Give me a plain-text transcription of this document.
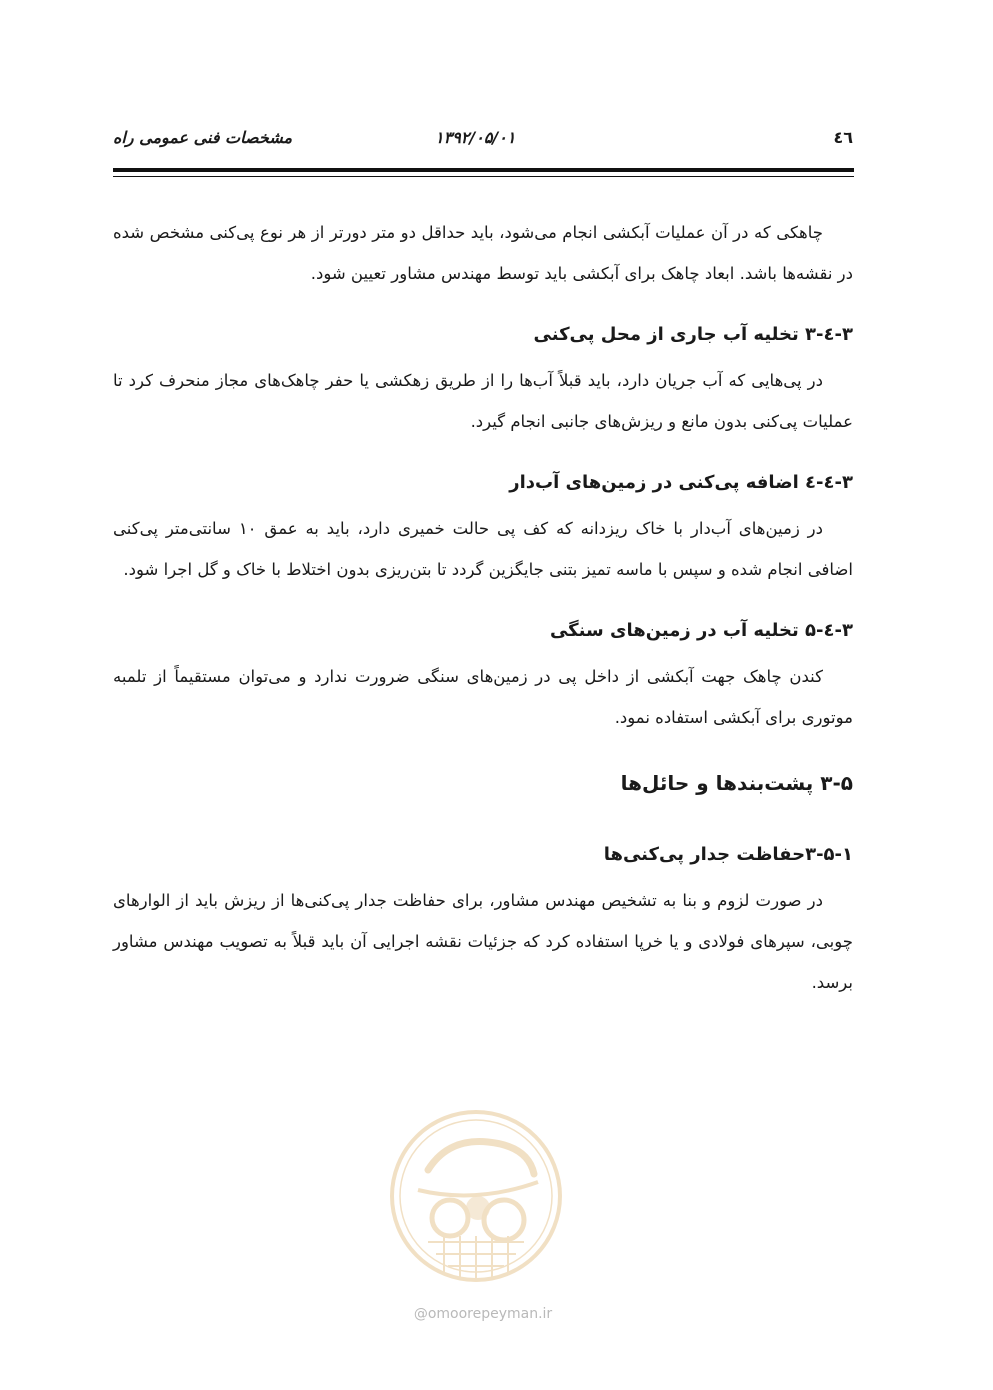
مشخصات فنی عمومی راه	۱۳۹۲/۰۵/۰۱	٤٦

چاهکی که در آن عملیات آبکشی انجام می‌شود، باید حداقل دو متر دورتر از هر نوع پی‌کنی مشخص شده در نقشه‌ها باشد. ابعاد چاهک برای آبکشی باید توسط مهندس مشاور تعیین شود.

۳-٤-۳ تخلیه آب جاری از محل پی‌کنی

در پی‌هایی که آب جریان دارد، باید قبلاً آب‌ها را از طریق زهکشی یا حفر چاهک‌های مجاز منحرف کرد تا عملیات پی‌کنی بدون مانع و ریزش‌های جانبی انجام گیرد.

۳-٤-٤ اضافه پی‌کنی در زمین‌های آب‌دار

در زمین‌های آب‌دار با خاک ریزدانه که کف پی حالت خمیری دارد، باید به عمق ۱۰ سانتی‌متر پی‌کنی اضافی انجام شده و سپس با ماسه تمیز بتنی جایگزین گردد تا بتن‌ریزی بدون اختلاط با خاک و گل اجرا شود.

۳-٤-۵ تخلیه آب در زمین‌های سنگی

کندن چاهک جهت آبکشی از داخل پی در زمین‌های سنگی ضرورت ندارد و می‌توان مستقیماً از تلمبه موتوری برای آبکشی استفاده نمود.

۳-۵ پشت‌بندها و حائل‌ها
۳-۵-۱حفاظت جدار پی‌کنی‌ها

در صورت لزوم و بنا به تشخیص مهندس مشاور، برای حفاظت جدار پی‌کنی‌ها از ریزش باید از الوارهای چوبی، سپرهای فولادی و یا خرپا استفاده کرد که جزئیات نقشه اجرایی آن باید قبلاً به تصویب مهندس مشاور برسد.

@omoorepeyman.ir
